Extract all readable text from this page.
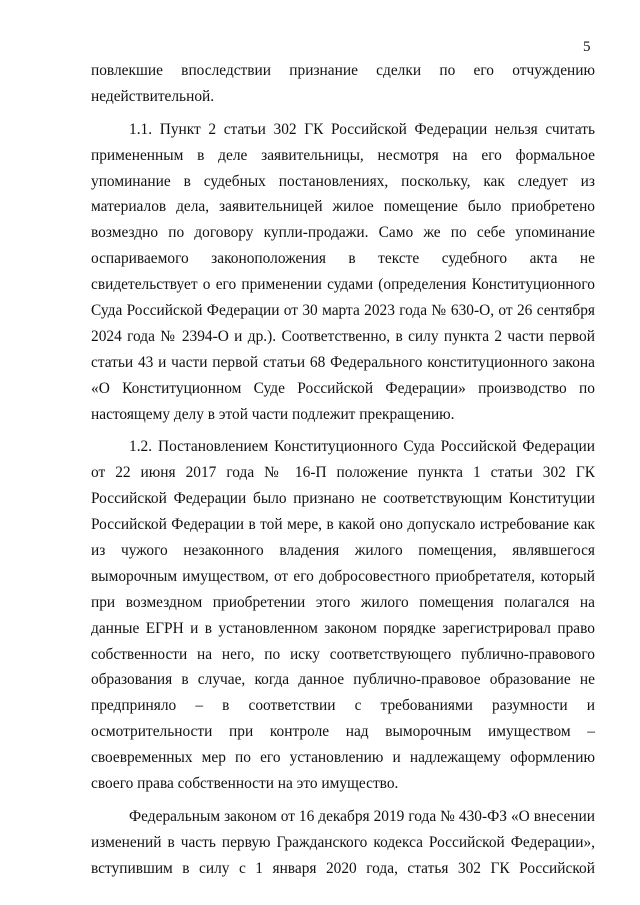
5
повлекшие впоследствии признание сделки по его отчуждению
недействительной.
1.1. Пункт 2 статьи 302 ГК Российской Федерации нельзя считать
примененным в деле заявительницы, несмотря на его формальное
упоминание в судебных постановлениях, поскольку, как следует из
материалов дела, заявительницей жилое помещение было приобретено
возмездно по договору купли-продажи. Само же по себе упоминание
оспариваемого законоположения в тексте судебного акта не
свидетельствует о его применении судами (определения Конституционного
Суда Российской Федерации от 30 марта 2023 года № 630-О, от 26 сентября
2024 года № 2394-О и др.). Соответственно, в силу пункта 2 части первой
статьи 43 и части первой статьи 68 Федерального конституционного закона
«О Конституционном Суде Российской Федерации» производство по
настоящему делу в этой части подлежит прекращению.
1.2. Постановлением Конституционного Суда Российской Федерации
от 22 июня 2017 года № 16-П положение пункта 1 статьи 302 ГК
Российской Федерации было признано не соответствующим Конституции
Российской Федерации в той мере, в какой оно допускало истребование как
из чужого незаконного владения жилого помещения, являвшегося
выморочным имуществом, от его добросовестного приобретателя, который
при возмездном приобретении этого жилого помещения полагался на
данные ЕГРН и в установленном законом порядке зарегистрировал право
собственности на него, по иску соответствующего публично-правового
образования в случае, когда данное публично-правовое образование не
предприняло – в соответствии с требованиями разумности и
осмотрительности при контроле над выморочным имуществом –
своевременных мер по его установлению и надлежащему оформлению
своего права собственности на это имущество.
Федеральным законом от 16 декабря 2019 года № 430-ФЗ «О внесении
изменений в часть первую Гражданского кодекса Российской Федерации»,
вступившим в силу с 1 января 2020 года, статья 302 ГК Российской
